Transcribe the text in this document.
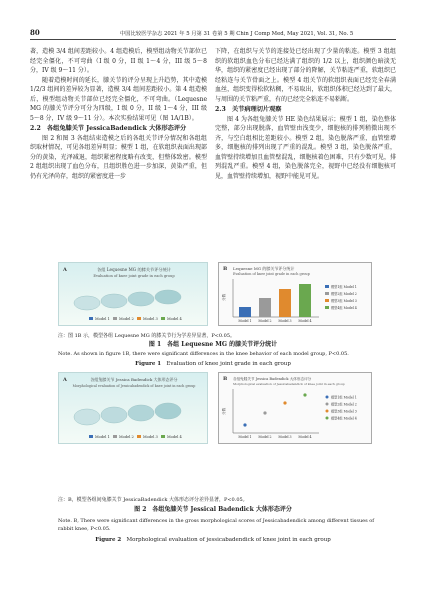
80	中国比较医学杂志 2021 年 5 月第 31 卷第 5 期 Chin J Comp Med, May 2021, Vol. 31, No. 5

著，造模 3/4 组间差距较小。4 组造模后，模型组动物关节部位已经完全僵化，不可弯曲（I 级 0 分，II 级 1～4 分，III 级 5～8 分，IV 级 9～11 分）。

随着造模时间的延长，膝关节的评分呈现上升趋势，其中造模 1/2/3 组间的差异较为显著，造模 3/4 组间差距较小。第 4 组造模后，模型组动物关节部位已经完全僵化，不可弯曲。（Lequesne MG 的膝关节评分可分为四级，I 级 0 分，II 级 1～4 分，III 级 5～8 分，IV 级 9～11 分）。本次实验结果可见（图 1A/1B）。

2.2　各组兔膝关节 JessicaBadendick 大体形态评分

图 2 和图 3 各组结束造模之后的各组关节评分情况和各组组织取材情况，可见各组差异明显；模型 1 组，在软组织表面出现部分的黄染，光泽减退，组织紧密程度略有改变，但整体致密。模型 2 组组织出现了血色分布，且组织胜色进一步加深，黄染严重，但仍有光泽尚存，组织的紧密度进一步

下降，在组织与关节的连接处已经出现了少量的粘连。模型 3 组组织的软组织血色分布已经达满了组织的 1/2 以上，组织颜色暗淡无华，组织的紧密度已经出现了部分的降解，关节粘连严重，软组织已经粘连与关节骨面之上。模型 4 组关节的软组织表面已经完全春满血丝，组织变得松软粘稠，不易取出，软组织体积已经达到了最大，与周围的关节粘严重，有的已经完全粘连不易粘断。

2.3　关节病理切片观察

图 4 为各组兔膝关节 HE 染色结果展示；模型 1 组，染色整体完整，部分出现脱落，血管壁由浅变少，细胞核的排列稍微出现不齐，与空白组相比差距较小。模型 2 组，染色脱落严重，血管壁增多，细胞核的排列出现了严重的混乱。模型 3 组，染色脱落严重，血管壁持续增加且血管壁混乱，细胞核着色困难，只有少数可见，排列混乱严重。模型 4 组，染色脱落完全，视野中已经没有细胞核可见，血管壁持续增加，视野中能见可见。

A	各组 Lequesne MG 的膝关节评分统计
Evaluation of knee joint grade in each group
Model 1	Model 2	Model 3	Model 4
B Lequesne MG 的膝关节评分统计
Evaluation of knee joint grade in each group
分数
Model 1 Model 2 Model 3 Model 4
模型1组 Model 1
模型2组 Model 2
模型3组 Model 3
模型4组 Model 4
注：图 1B 示，模型各组 Lequesne MG 的膝关节行为学差异显著，P<0.05。
图 1　各组 Lequesne MG 的膝关节评分统计
Note. As shown in figure 1B, there were significant differences in the knee behavior of each model group, P<0.05.
Figure 1 Evaluation of knee joint grade in each group
A	各组兔膝关节 Jessica Badendick 大体形态评分
Morphological evaluation of Jessicabadendick of knee joint in each group
Model 1	Model 2	Model 3	Model 4
B 各组兔膝关节 Jessica Badendick 大体形态评分
Morphological evaluation of Jessicabadendick of knee joint in each group
分数
Model 1 Model 2 Model 3 Model 4
模型1组 Model 1
模型2组 Model 2
模型3组 Model 3
模型4组 Model 4
注：B，模型各组间兔膝关节 JessicaBadendick 大体形态评分差异显著，P<0.05。
图 2　各组兔膝关节 Jessical Badendick 大体形态评分
Note. B, There were significant differences in the gross morphological scores of Jessicabadendick among different tissues of rabbit knee, P<0.05.
Figure 2 Morphological evaluation of jessicabadendick of knee joint in each group
